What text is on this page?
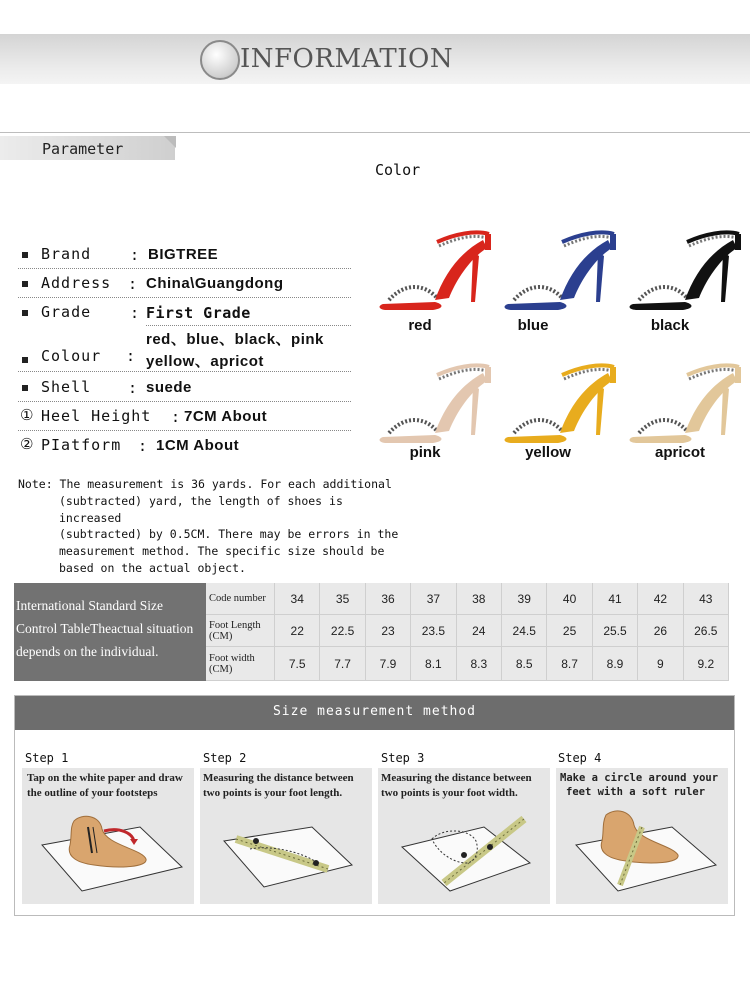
INFORMATION
Parameter
Color
Brand	: BIGTREE
Address : China\Guangdong
Grade	: First Grade
Colour :
red、blue、black、pink
yellow、apricot
Shell : suede
① Heel Height : 7CM About
② PIatform : 1CM About
red	blue	black
pink	yellow	apricot
Note: The measurement is 36 yards. For each additional
(subtracted) yard, the length of shoes is increased
(subtracted) by 0.5CM. There may be errors in the
measurement method. The specific size should be
based on the actual object.
International Standard Size
Control TableTheactual situation
depends on the individual.
Code number	34	35	36	37	38	39	40	41	42	43
Foot Length (CM)	22	22.5	23	23.5	24	24.5	25	25.5	26	26.5
Foot width (CM)	7.5	7.7	7.9	8.1	8.3	8.5	8.7	8.9	9	9.2
Size measurement method
Step 1	Step 2	Step 3	Step 4
Tap on the white paper and draw
the outline of your footsteps
Measuring the distance between
two points is your foot length.
Measuring the distance between
two points is your foot width.
Make a circle around your
feet with a soft ruler
